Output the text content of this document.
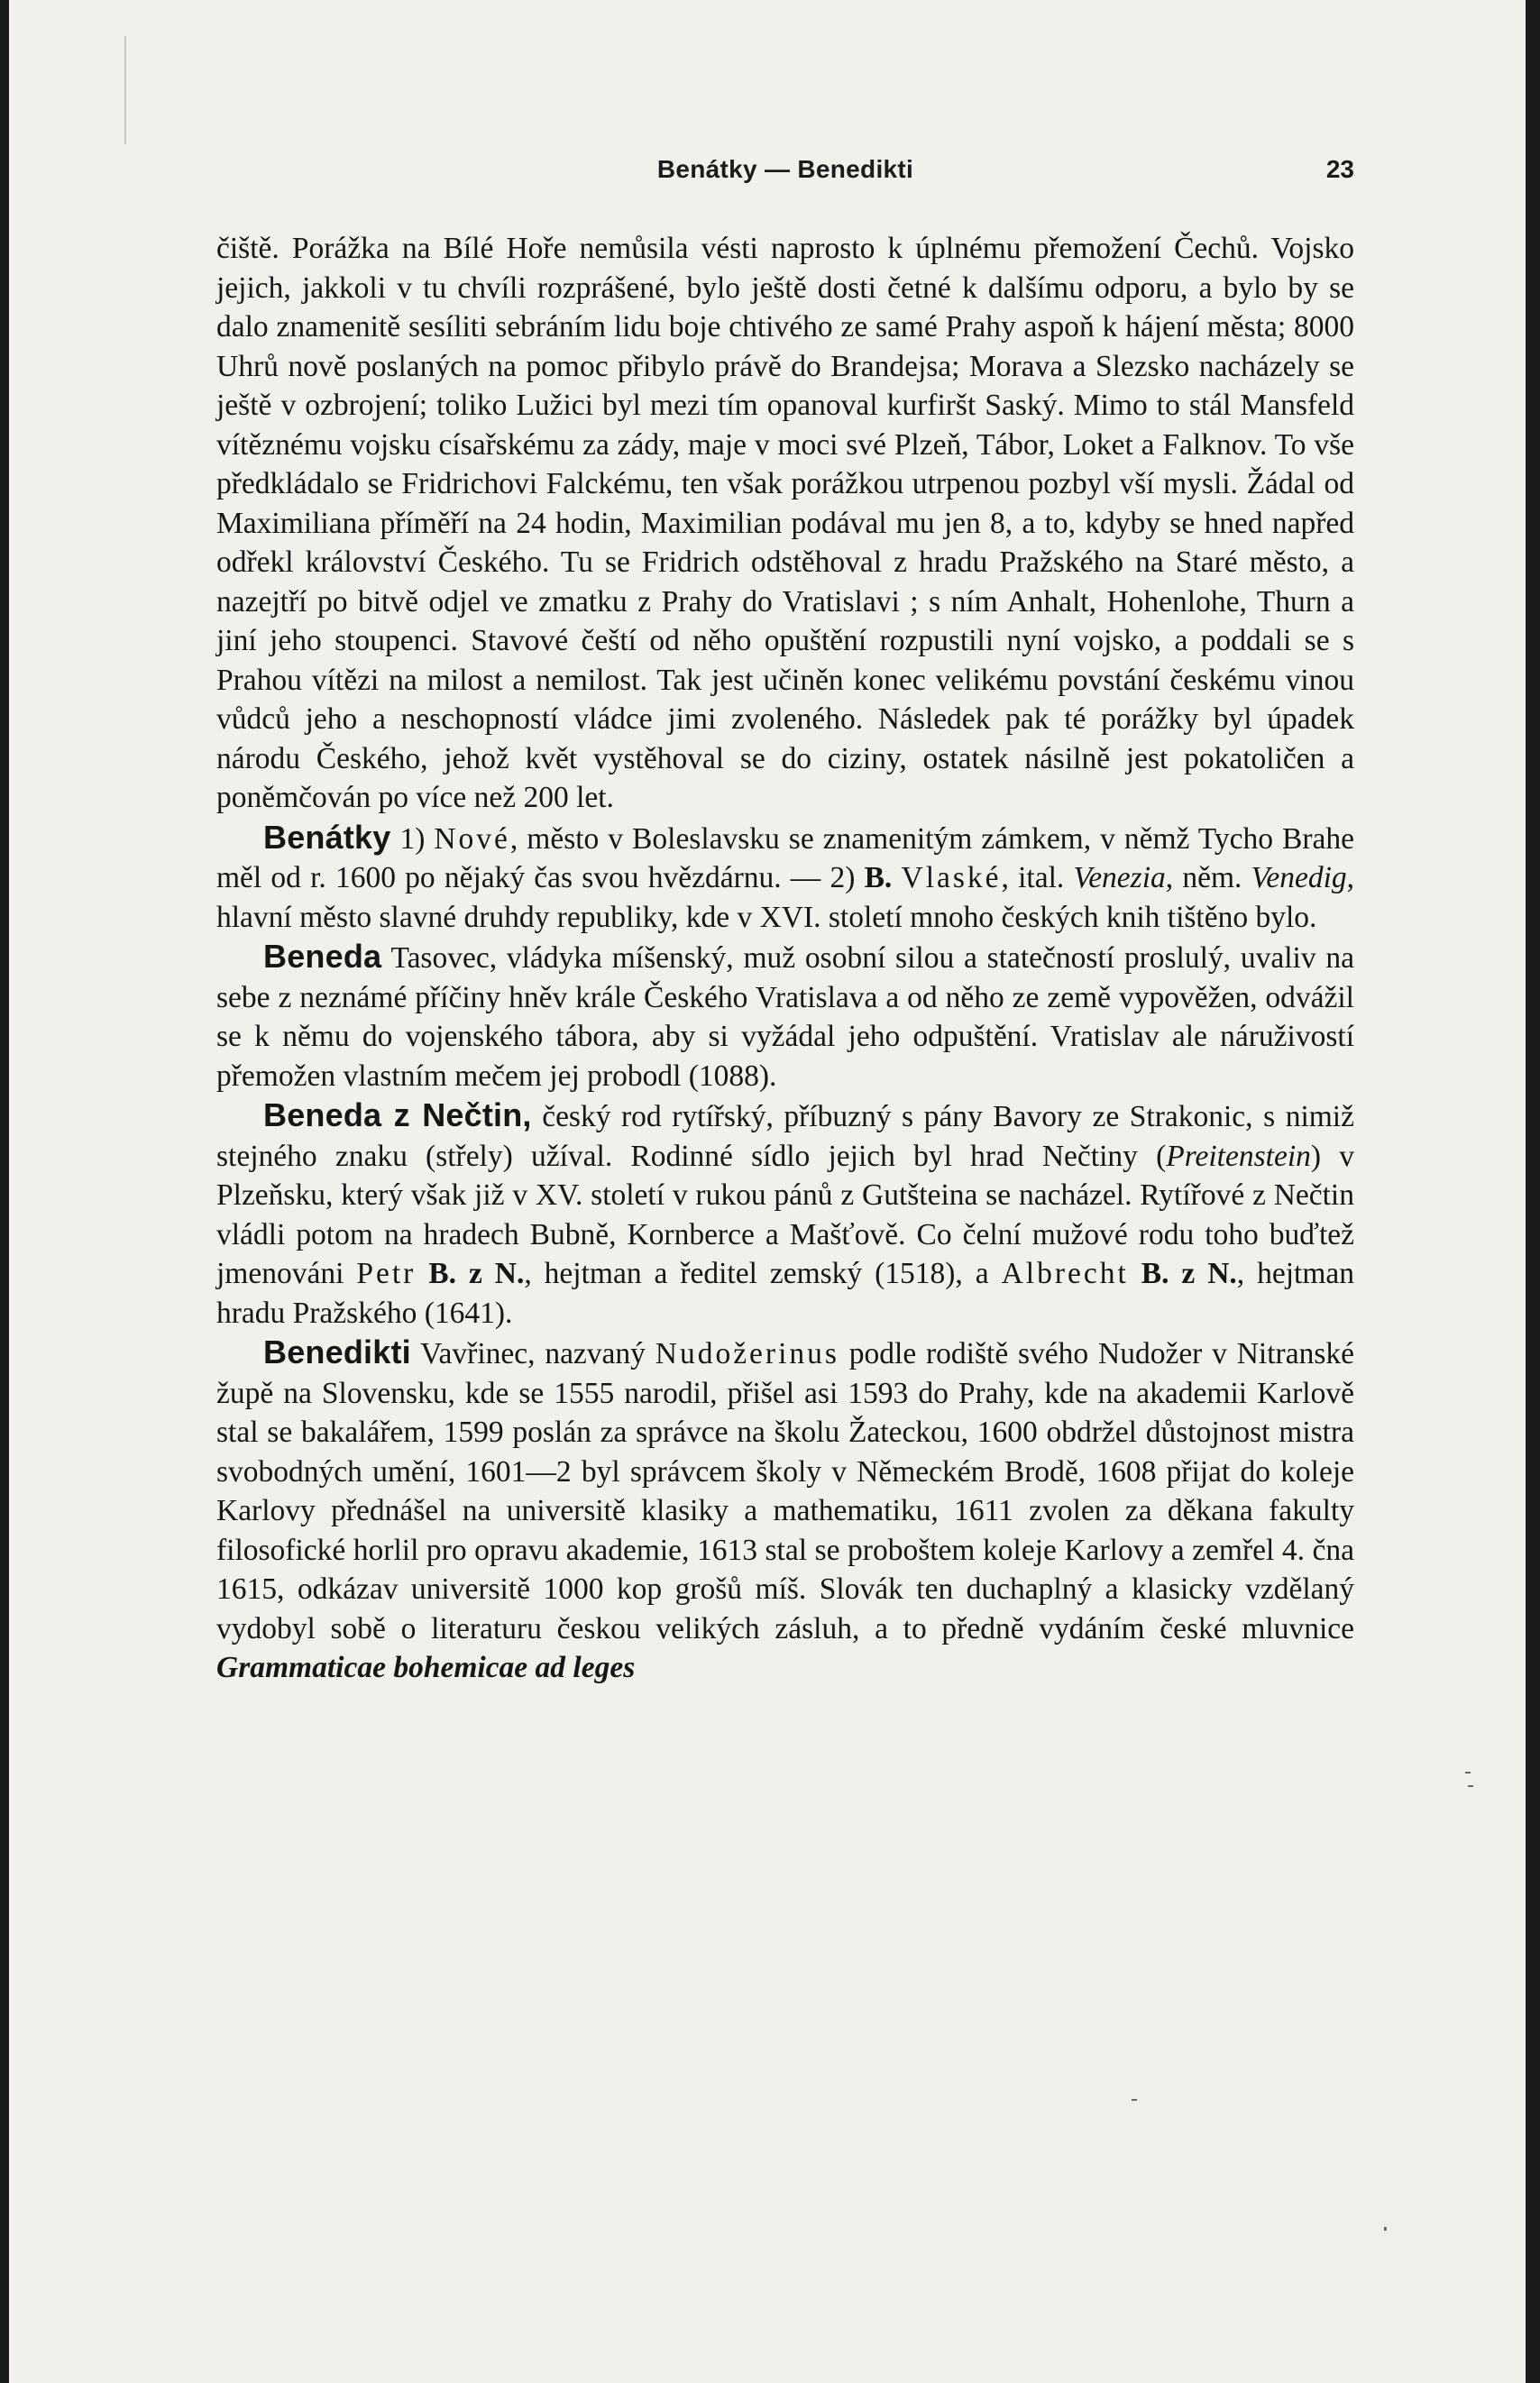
Benátky — Benedikti	23

čiště. Porážka na Bílé Hoře nemůsila vésti naprosto k úplnému přemožení Čechů. Vojsko jejich, jakkoli v tu chvíli rozprášené, bylo ještě dosti četné k dalšímu odporu, a bylo by se dalo znamenitě sesíliti sebráním lidu boje chtivého ze samé Prahy aspoň k hájení města; 8000 Uhrů nově poslaných na pomoc přibylo právě do Brandejsa; Morava a Slezsko nacházely se ještě v ozbrojení; toliko Lužici byl mezi tím opanoval kurfiršt Saský. Mimo to stál Mansfeld vítěznému vojsku císařskému za zády, maje v moci své Plzeň, Tábor, Loket a Falknov. To vše předkládalo se Fridrichovi Falckému, ten však porážkou utrpenou pozbyl vší mysli. Žádal od Maximiliana příměří na 24 hodin, Maximilian podával mu jen 8, a to, kdyby se hned napřed odřekl království Českého. Tu se Fridrich odstěhoval z hradu Pražského na Staré město, a nazejtří po bitvě odjel ve zmatku z Prahy do Vratislavi ; s ním Anhalt, Hohenlohe, Thurn a jiní jeho stoupenci. Stavové čeští od něho opuštění rozpustili nyní vojsko, a poddali se s Prahou vítězi na milost a nemilost. Tak jest učiněn konec velikému povstání českému vinou vůdců jeho a neschopností vládce jimi zvoleného. Následek pak té porážky byl úpadek národu Českého, jehož květ vystěhoval se do ciziny, ostatek násilně jest pokatoličen a poněmčován po více než 200 let.

Benátky 1) Nové, město v Boleslavsku se znamenitým zámkem, v němž Tycho Brahe měl od r. 1600 po nějaký čas svou hvězdárnu. — 2) B. Vlaské, ital. Venezia, něm. Venedig, hlavní město slavné druhdy republiky, kde v XVI. století mnoho českých knih tištěno bylo.

Beneda Tasovec, vládyka míšenský, muž osobní silou a statečností proslulý, uvaliv na sebe z neznámé příčiny hněv krále Českého Vratislava a od něho ze země vypověžen, odvážil se k němu do vojenského tábora, aby si vyžádal jeho odpuštění. Vratislav ale náruživostí přemožen vlastním mečem jej probodl (1088).

Beneda z Nečtin, český rod rytířský, příbuzný s pány Bavory ze Strakonic, s nimiž stejného znaku (střely) užíval. Rodinné sídlo jejich byl hrad Nečtiny (Preitenstein) v Plzeňsku, který však již v XV. století v rukou pánů z Gutšteina se nacházel. Rytířové z Nečtin vládli potom na hradech Bubně, Kornberce a Mašťově. Co čelní mužové rodu toho buďtež jmenováni Petr B. z N., hejtman a ředitel zemský (1518), a Albrecht B. z N., hejtman hradu Pražského (1641).

Benedikti Vavřinec, nazvaný Nudožerinus podle rodiště svého Nudožer v Nitranské župě na Slovensku, kde se 1555 narodil, přišel asi 1593 do Prahy, kde na akademii Karlově stal se bakalářem, 1599 poslán za správce na školu Žateckou, 1600 obdržel důstojnost mistra svobodných umění, 1601—2 byl správcem školy v Německém Brodě, 1608 přijat do koleje Karlovy přednášel na universitě klasiky a mathematiku, 1611 zvolen za děkana fakulty filosofické horlil pro opravu akademie, 1613 stal se proboštem koleje Karlovy a zemřel 4. čna 1615, odkázav universitě 1000 kop grošů míš. Slovák ten duchaplný a klasicky vzdělaný vydobyl sobě o literaturu českou velikých zásluh, a to předně vydáním české mluvnice Grammaticae bohemicae ad leges
